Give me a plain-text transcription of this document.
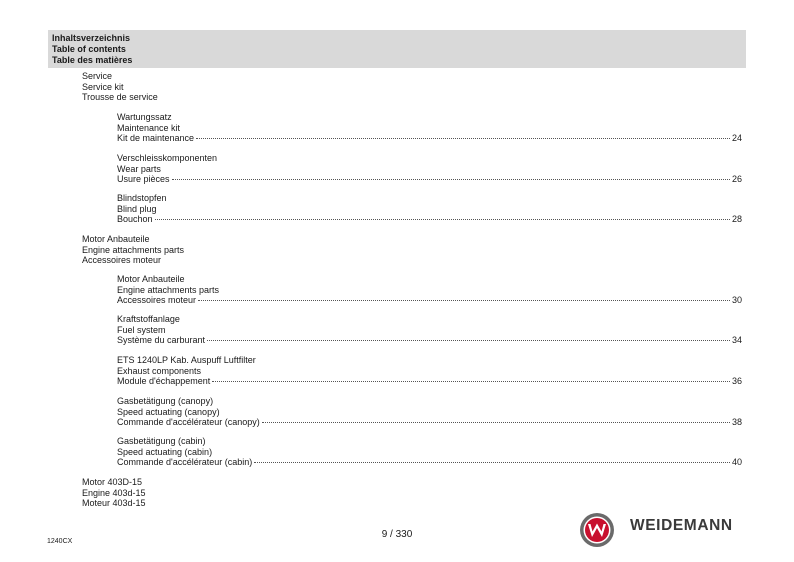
Inhaltsverzeichnis
Table of contents
Table des matières
Service
Service kit
Trousse de service
Wartungssatz
Maintenance kit
Kit de maintenance	24
Verschleisskomponenten
Wear parts
Usure pièces	26
Blindstopfen
Blind plug
Bouchon	28
Motor Anbauteile
Engine attachments parts
Accessoires moteur
Motor Anbauteile
Engine attachments parts
Accessoires moteur	30
Kraftstoffanlage
Fuel system
Système du carburant	34
ETS 1240LP Kab. Auspuff Luftfilter
Exhaust components
Module d'échappement	36
Gasbetätigung (canopy)
Speed actuating (canopy)
Commande d'accélérateur (canopy)	38
Gasbetätigung (cabin)
Speed actuating (cabin)
Commande d'accélérateur (cabin)	40
Motor 403D-15
Engine 403d-15
Moteur 403d-15
1240CX
9 / 330
WEIDEMANN
